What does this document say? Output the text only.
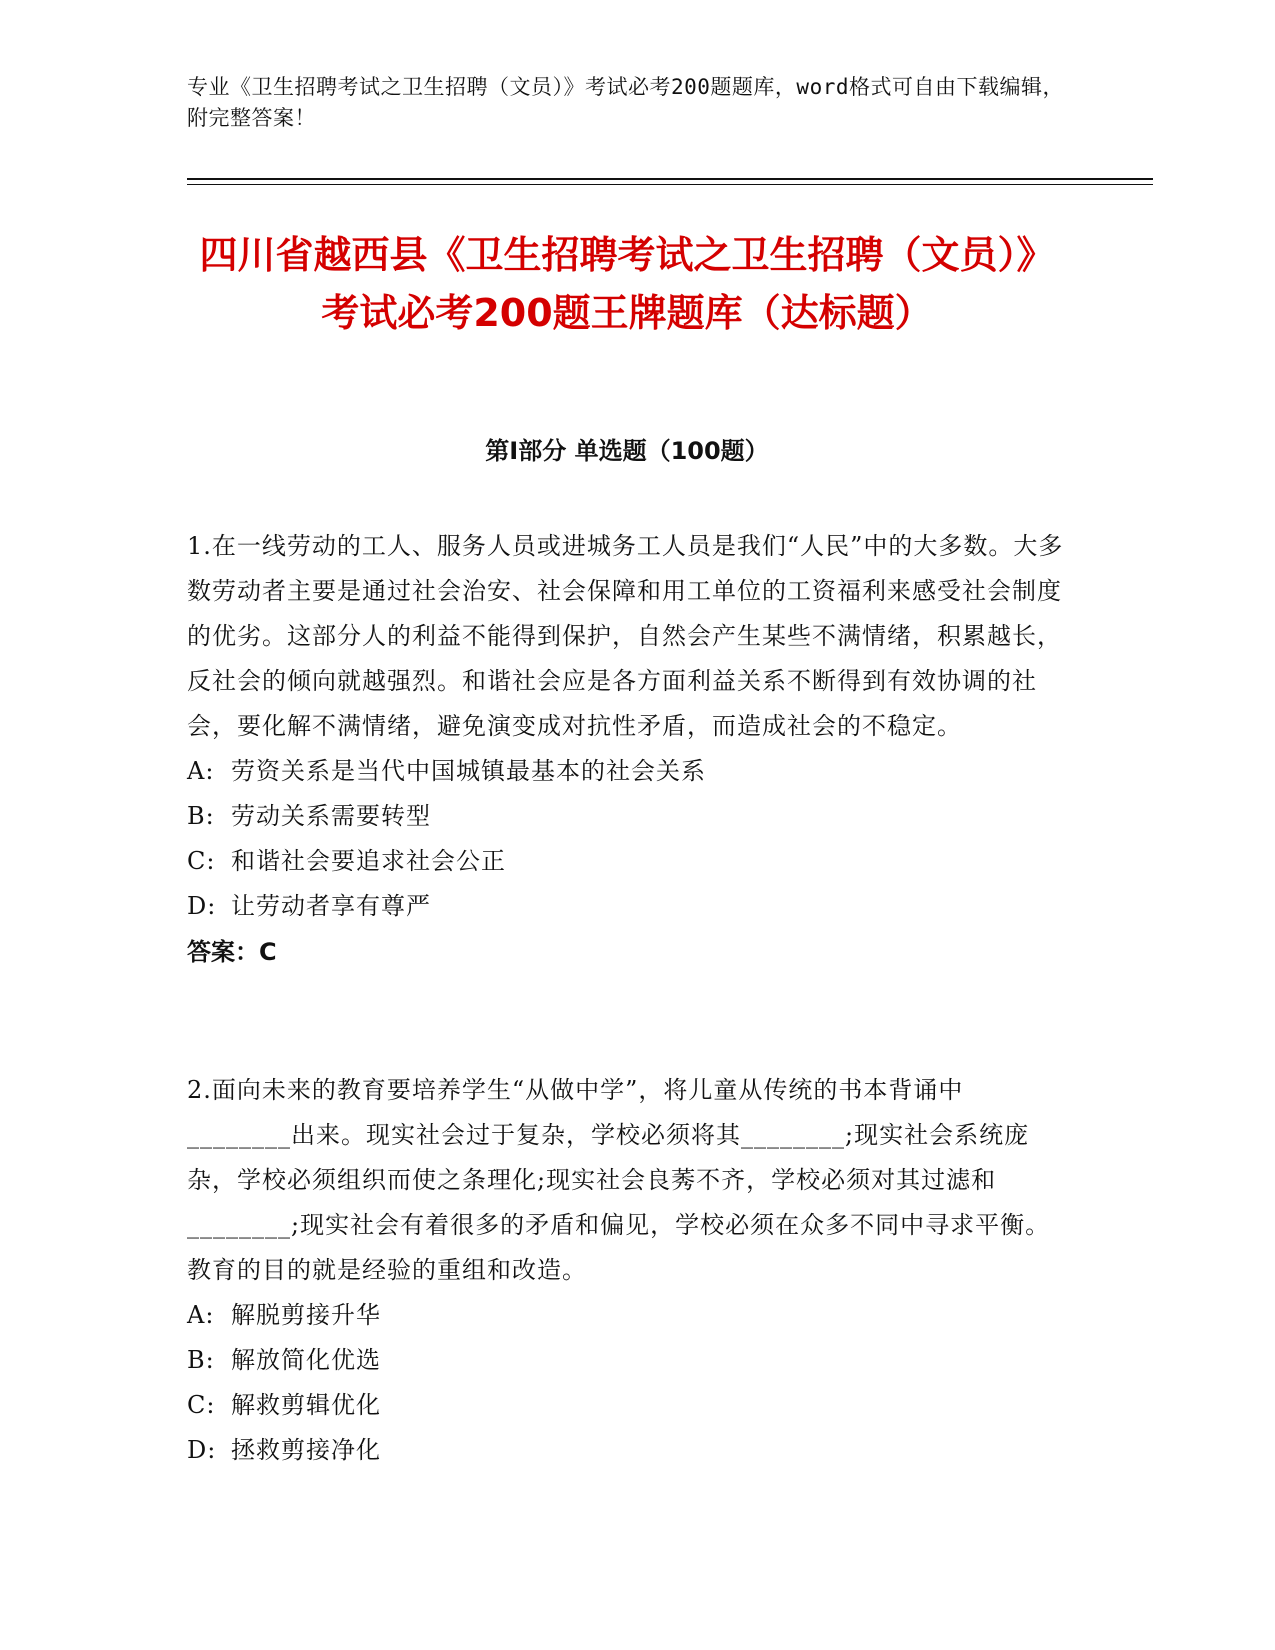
专业《卫生招聘考试之卫生招聘（文员）》考试必考200题题库，word格式可自由下载编辑，附完整答案！
四川省越西县《卫生招聘考试之卫生招聘（文员）》考试必考200题王牌题库（达标题）
第I部分 单选题（100题）

1.在一线劳动的工人、服务人员或进城务工人员是我们“人民”中的大多数。大多数劳动者主要是通过社会治安、社会保障和用工单位的工资福利来感受社会制度的优劣。这部分人的利益不能得到保护，自然会产生某些不满情绪，积累越长，反社会的倾向就越强烈。和谐社会应是各方面利益关系不断得到有效协调的社会，要化解不满情绪，避免演变成对抗性矛盾，而造成社会的不稳定。

A: 劳资关系是当代中国城镇最基本的社会关系

B: 劳动关系需要转型

C: 和谐社会要追求社会公正

D: 让劳动者享有尊严

答案：C

2.面向未来的教育要培养学生“从做中学”，将儿童从传统的书本背诵中________出来。现实社会过于复杂，学校必须将其________;现实社会系统庞杂，学校必须组织而使之条理化;现实社会良莠不齐，学校必须对其过滤和________;现实社会有着很多的矛盾和偏见，学校必须在众多不同中寻求平衡。教育的目的就是经验的重组和改造。

A: 解脱剪接升华

B: 解放简化优选

C: 解救剪辑优化

D: 拯救剪接净化
